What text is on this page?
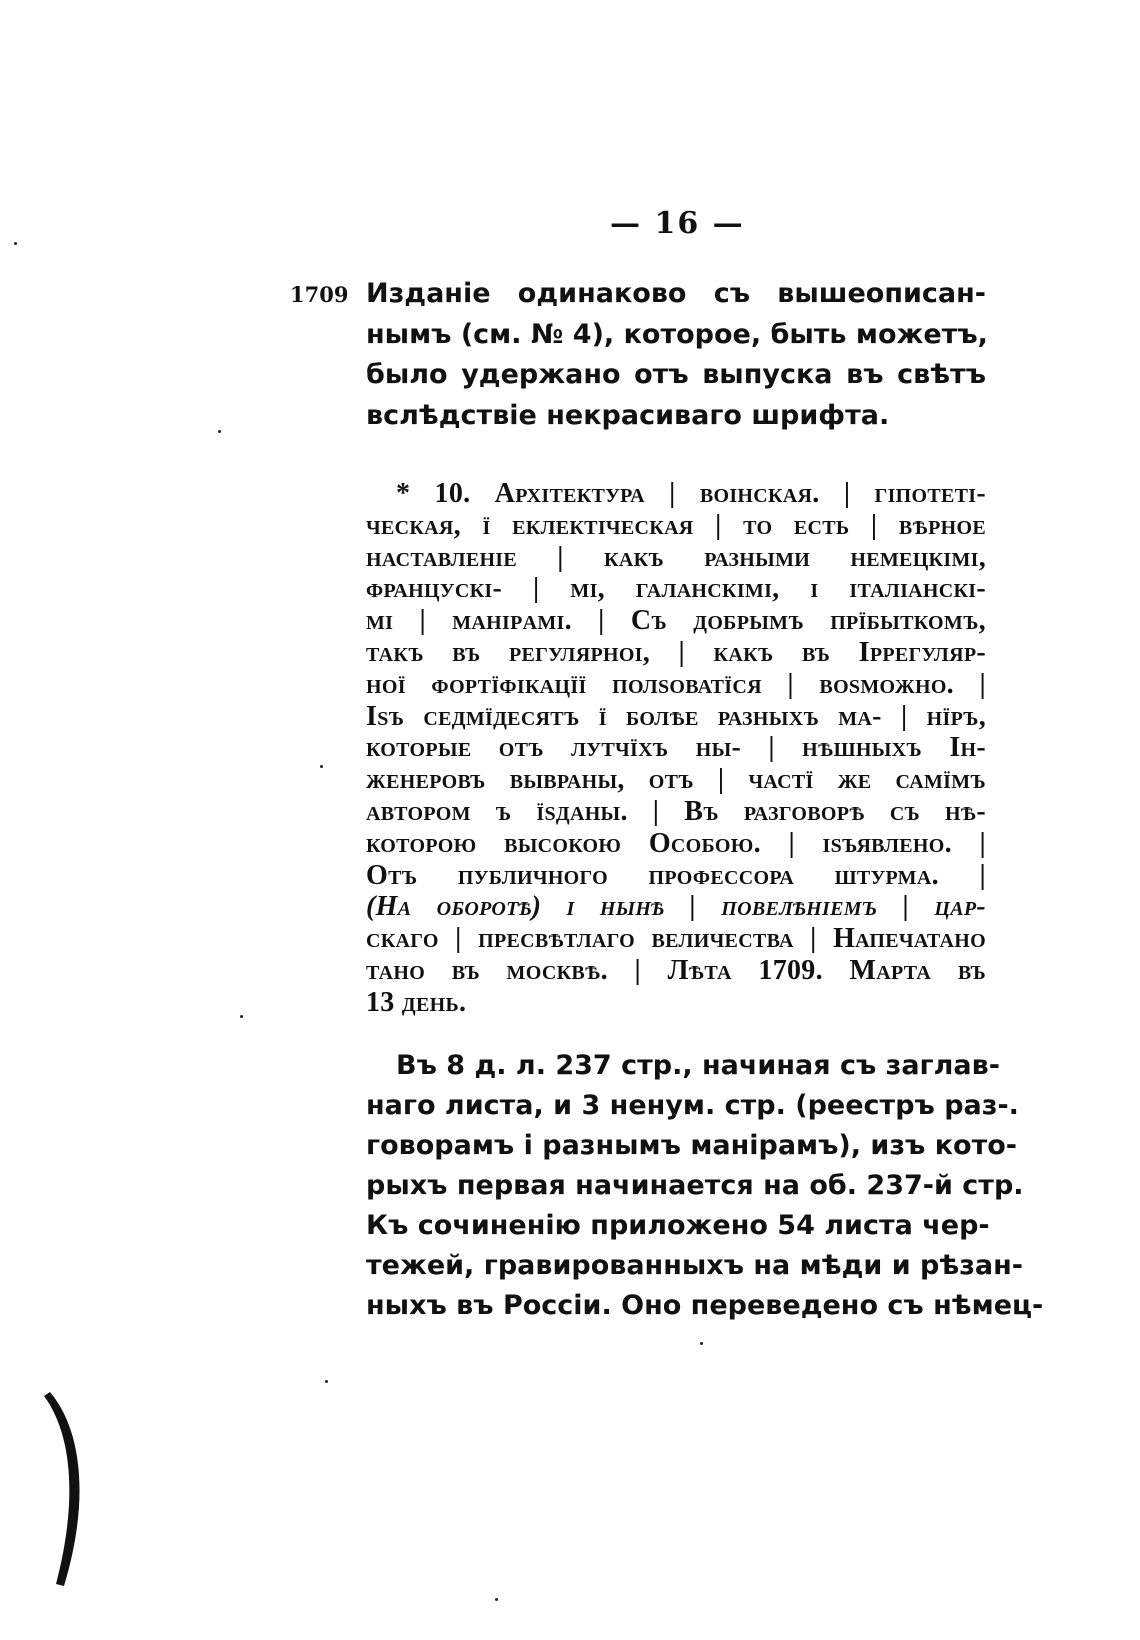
— 16 —
1709 Изданіе одинаково съ вышеописан-
нымъ (см. № 4), которое, быть можетъ,
было удержано отъ выпуска въ свѣтъ
вслѣдствіе некрасиваго шрифта.
* 10. Архітектура | воінская. | гіпотеті-
ческая, ї еклектіческая | то есть | вѣрное
наставленіе | какъ разными немецкімі,
францускі- | мі, галанскімі, і італіанскі-
мі | маніpамі. | Съ добрымъ прїбыткомъ,
такъ въ регулярноі, | какъ въ Іррегуляр-
ної фортїфікацїї полsоватїся | вosможно. |
Іsъ седмїдесятъ ї болѣе разныхъ ма- | нїръ,
которые отъ лутчїхъ ны- | нѣшныхъ Ін-
женеровъ вывраны, отъ | частї же самїмъ
автором ъ їsданы. | Въ разговорѣ съ нѣ-
которою высокою Особою. | іsъявлено. |
Отъ публичного профессора штурма. |
(На оборотѣ) і нынѣ | повелѣніемъ | цар-
скаго | пресвѣтлаго величества | Напечатано
тано въ москвѣ. | Лѣта 1709. Марта въ
13 день.
Въ 8 д. л. 237 стр., начиная съ заглав-
наго листа, и 3 ненум. стр. (реестръ раз-.
говорамъ і разнымъ маніpамъ), изъ кото-
рыхъ первая начинается на об. 237-й стр.
Къ сочиненію приложено 54 листа чер-
тежей, гравированныхъ на мѣди и рѣзан-
ныхъ въ Россіи. Оно переведено съ нѣмец-
